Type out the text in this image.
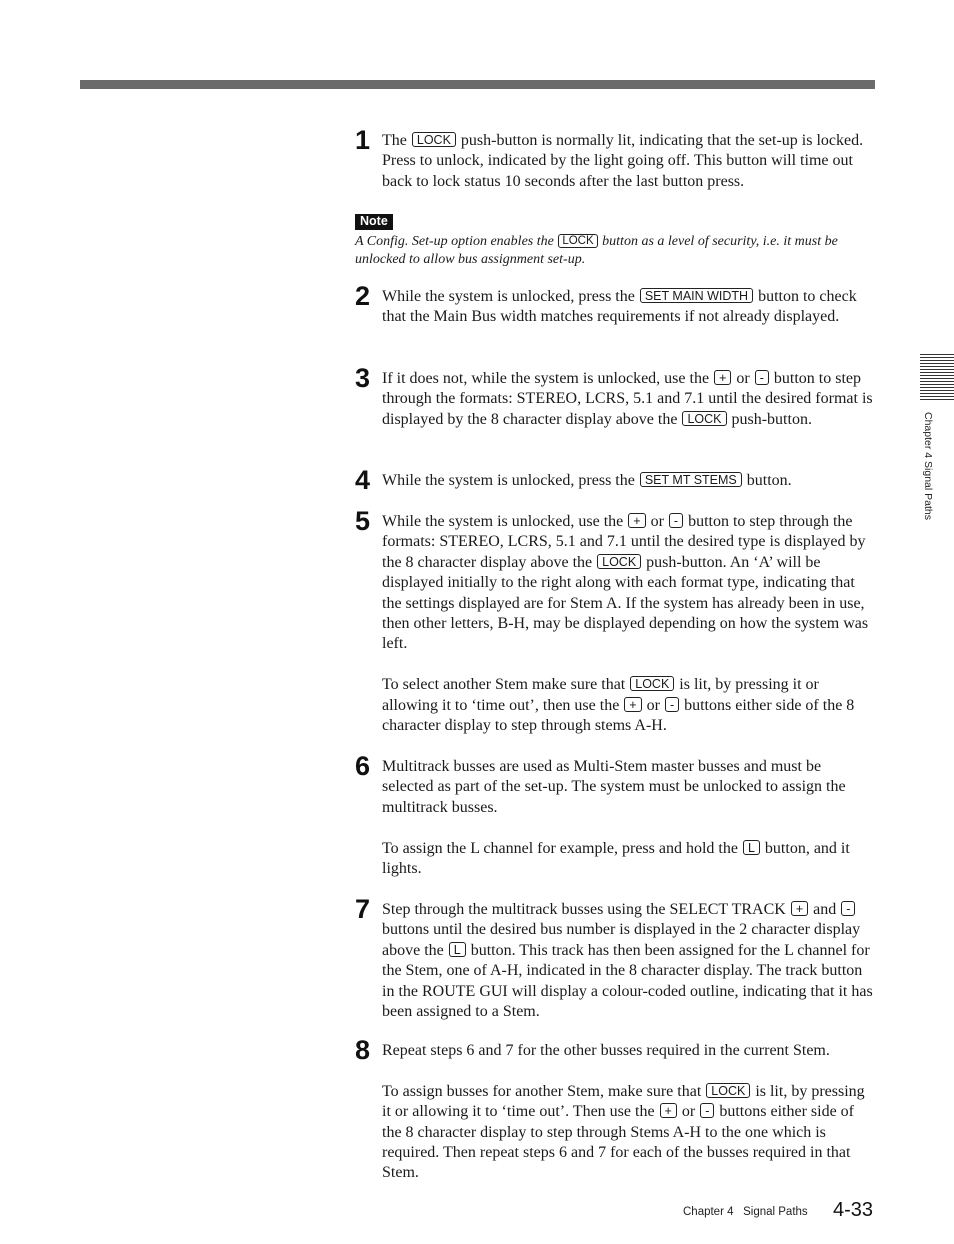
1 The LOCK push-button is normally lit, indicating that the set-up is locked. Press to unlock, indicated by the light going off. This button will time out back to lock status 10 seconds after the last button press.
Note
A Config. Set-up option enables the LOCK button as a level of security, i.e. it must be unlocked to allow bus assignment set-up.
2 While the system is unlocked, press the SET MAIN WIDTH button to check that the Main Bus width matches requirements if not already displayed.
3 If it does not, while the system is unlocked, use the + or - button to step through the formats: STEREO, LCRS, 5.1 and 7.1 until the desired format is displayed by the 8 character display above the LOCK push-button.
4 While the system is unlocked, press the SET MT STEMS button.
5 While the system is unlocked, use the + or - button to step through the formats: STEREO, LCRS, 5.1 and 7.1 until the desired type is displayed by the 8 character display above the LOCK push-button. An ‘A’ will be displayed initially to the right along with each format type, indicating that the settings displayed are for Stem A. If the system has already been in use, then other letters, B-H, may be displayed depending on how the system was left.
To select another Stem make sure that LOCK is lit, by pressing it or allowing it to ‘time out’, then use the + or - buttons either side of the 8 character display to step through stems A-H.
6 Multitrack busses are used as Multi-Stem master busses and must be selected as part of the set-up. The system must be unlocked to assign the multitrack busses.
To assign the L channel for example, press and hold the L button, and it lights.
7 Step through the multitrack busses using the SELECT TRACK + and - buttons until the desired bus number is displayed in the 2 character display above the L button. This track has then been assigned for the L channel for the Stem, one of A-H, indicated in the 8 character display. The track button in the ROUTE GUI will display a colour-coded outline, indicating that it has been assigned to a Stem.
8 Repeat steps 6 and 7 for the other busses required in the current Stem.
To assign busses for another Stem, make sure that LOCK is lit, by pressing it or allowing it to ‘time out’. Then use the + or - buttons either side of the 8 character display to step through Stems A-H to the one which is required. Then repeat steps 6 and 7 for each of the busses required in that Stem.
Chapter 4 Signal Paths
Chapter 4   Signal Paths 4-33
